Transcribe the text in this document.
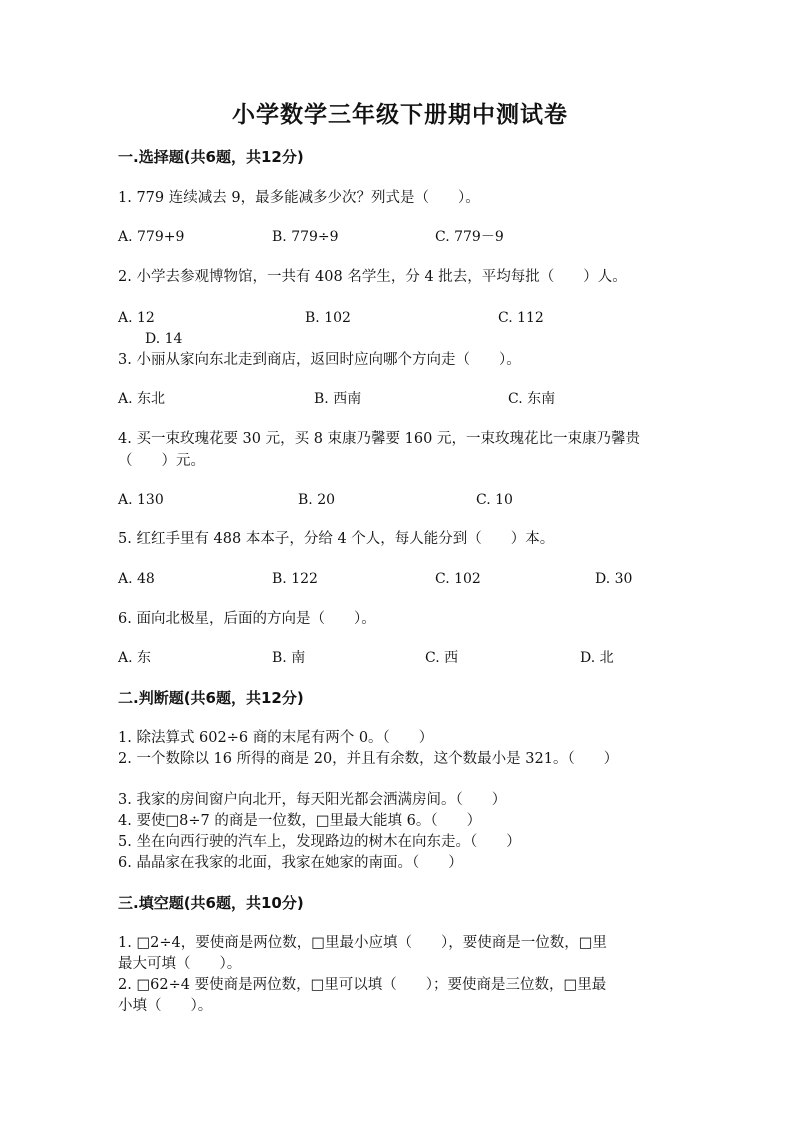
小学数学三年级下册期中测试卷
一.选择题(共6题，共12分)
1. 779 连续减去 9，最多能减多少次？列式是（　　）。
A. 779+9	B. 779÷9	C. 779－9
2. 小学去参观博物馆，一共有 408 名学生，分 4 批去，平均每批（　　）人。
A. 12	B. 102	C. 112
D. 14
3. 小丽从家向东北走到商店，返回时应向哪个方向走（　　）。
A. 东北	B. 西南	C. 东南
4. 买一束玫瑰花要 30 元，买 8 束康乃馨要 160 元，一束玫瑰花比一束康乃馨贵
（　　）元。
A. 130	B. 20	C. 10
5. 红红手里有 488 本本子，分给 4 个人，每人能分到（　　）本。
A. 48	B. 122	C. 102	D. 30
6. 面向北极星，后面的方向是（　　）。
A. 东	B. 南	C. 西	D. 北
二.判断题(共6题，共12分)
1. 除法算式 602÷6 商的末尾有两个 0。（　　）
2. 一个数除以 16 所得的商是 20，并且有余数，这个数最小是 321。（　　）
3. 我家的房间窗户向北开，每天阳光都会洒满房间。（　　）
4. 要使□8÷7 的商是一位数，□里最大能填 6。（　　）
5. 坐在向西行驶的汽车上，发现路边的树木在向东走。（　　）
6. 晶晶家在我家的北面，我家在她家的南面。（　　）
三.填空题(共6题，共10分)
1. □2÷4，要使商是两位数，□里最小应填（　　），要使商是一位数，□里
最大可填（　　）。
2. □62÷4 要使商是两位数，□里可以填（　　）；要使商是三位数，□里最
小填（　　）。
